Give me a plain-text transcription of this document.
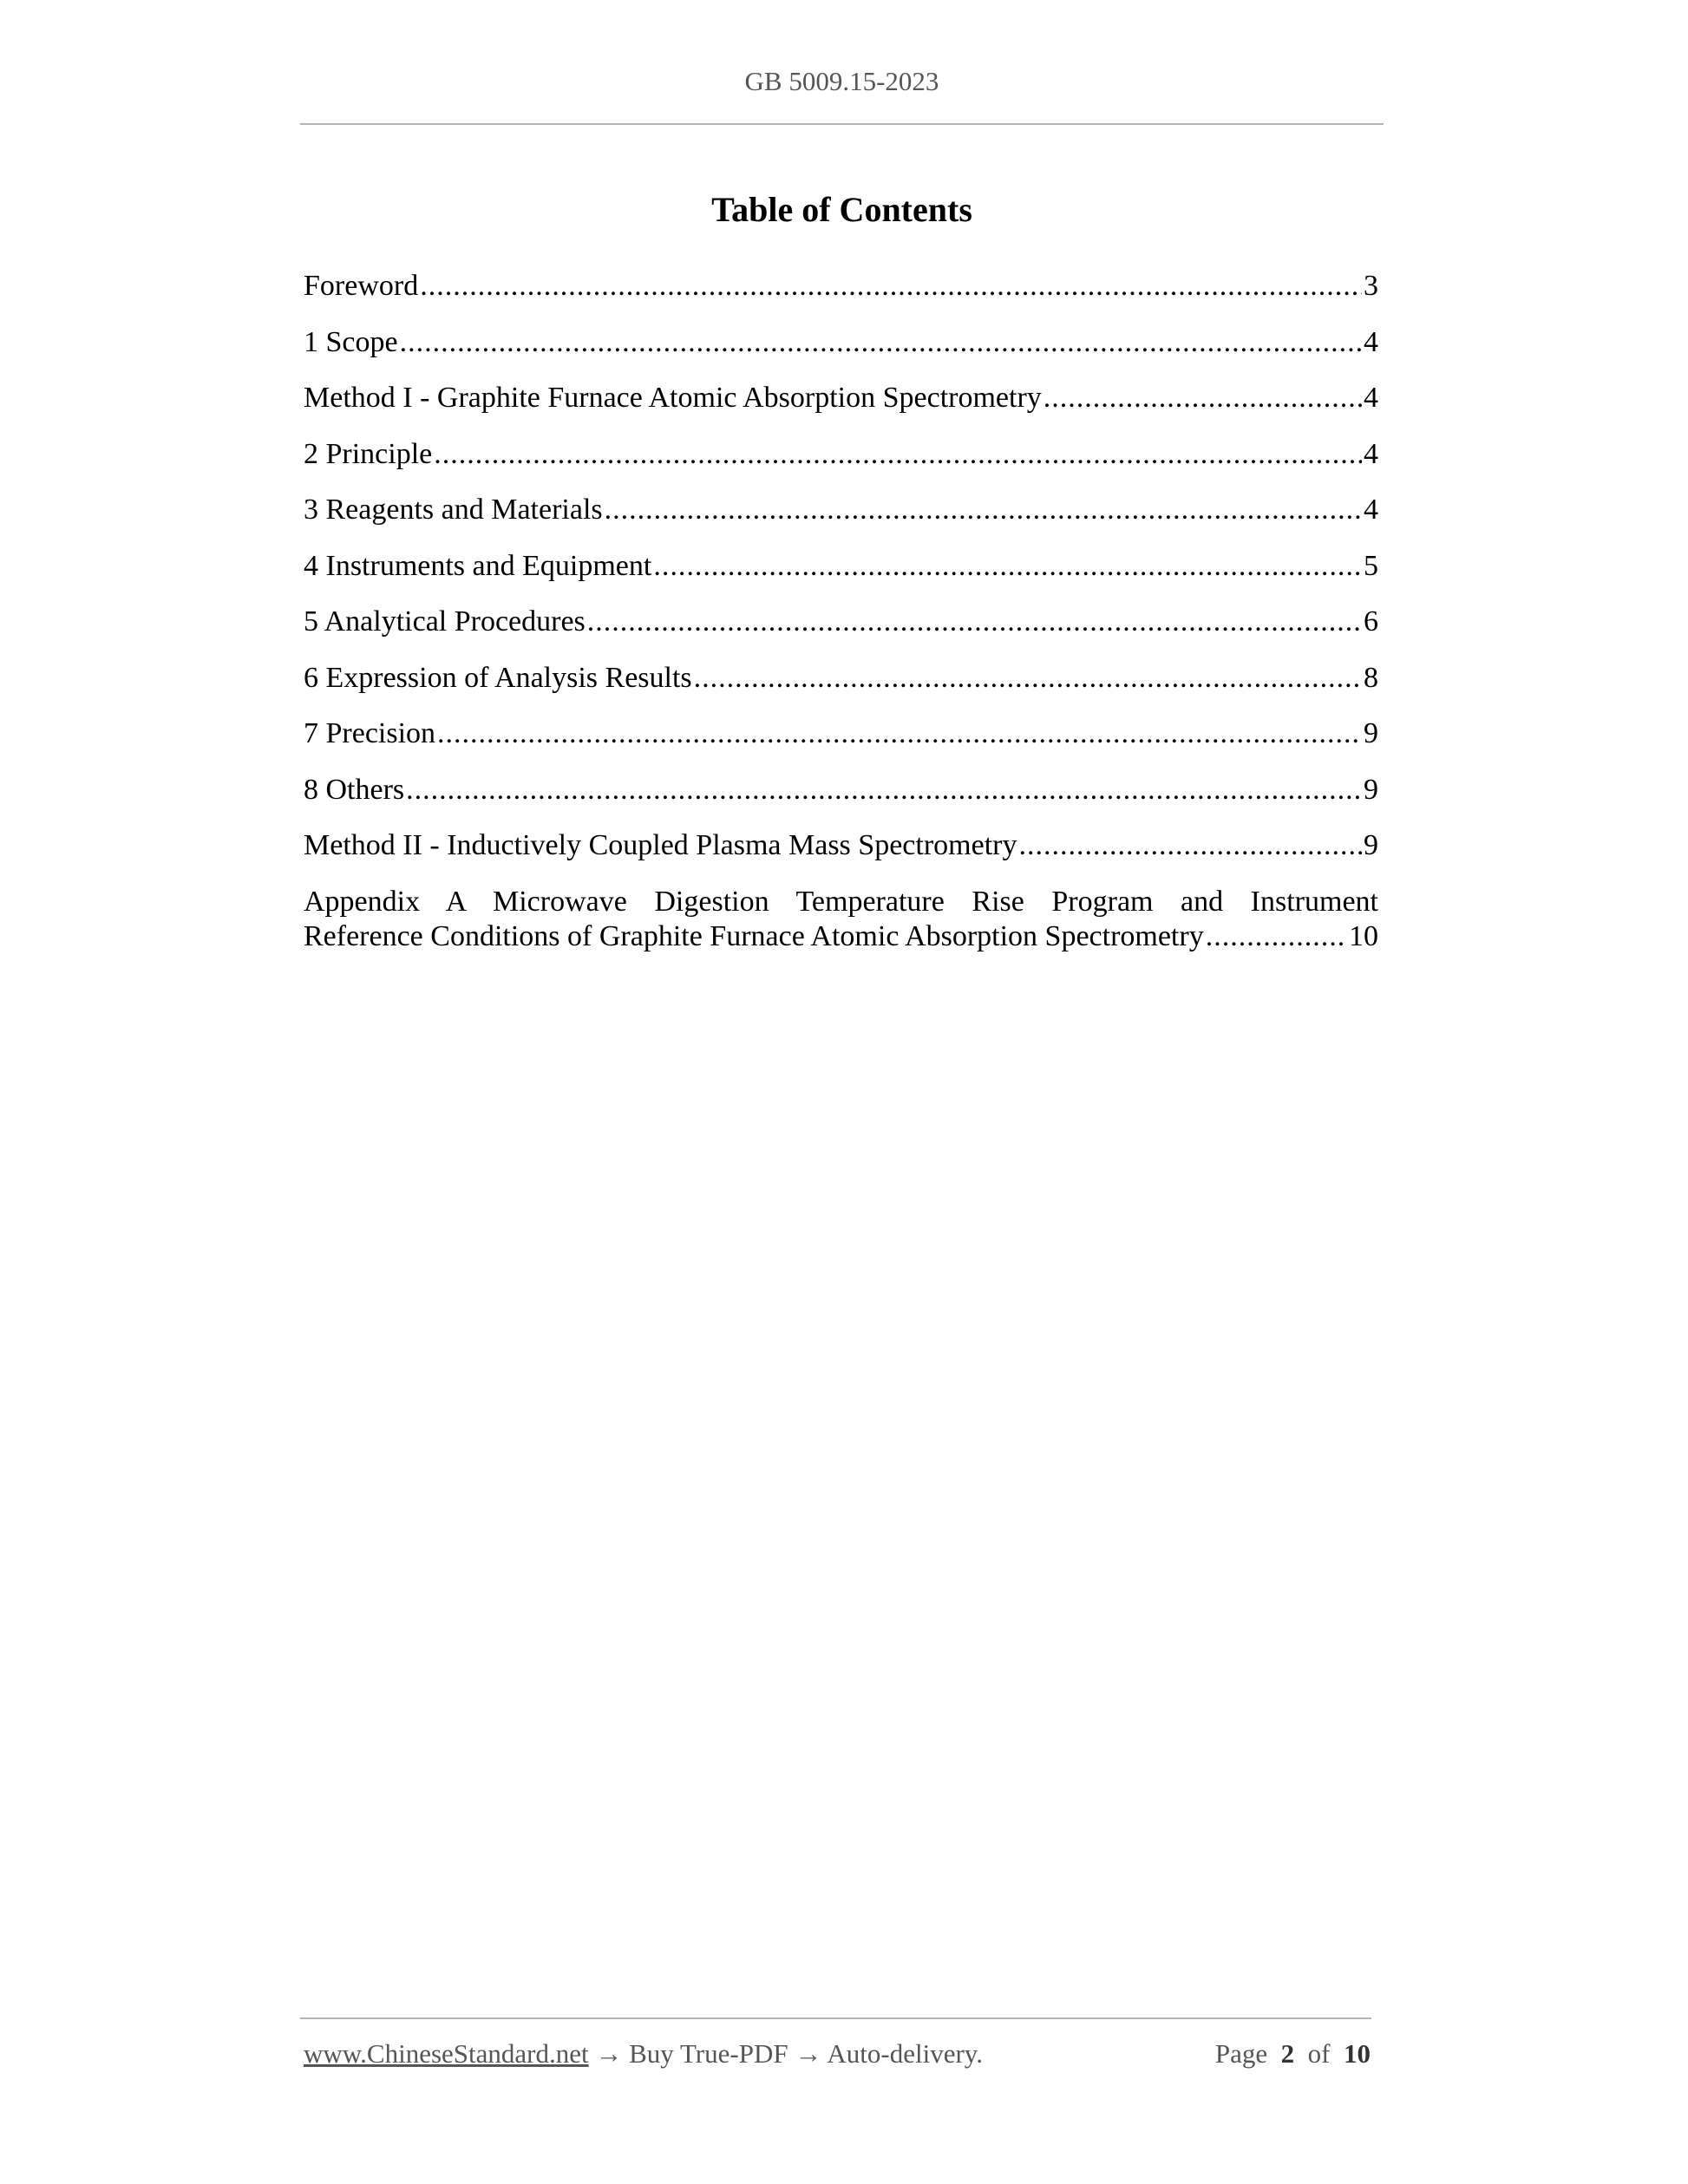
GB 5009.15-2023
Table of Contents
Foreword .....	3
1 Scope .....	4
Method I - Graphite Furnace Atomic Absorption Spectrometry .....	4
2 Principle .....	4
3 Reagents and Materials .....	4
4 Instruments and Equipment .....	5
5 Analytical Procedures .....	6
6 Expression of Analysis Results .....	8
7 Precision .....	9
8 Others .....	9
Method II - Inductively Coupled Plasma Mass Spectrometry .....	9
Appendix A Microwave Digestion Temperature Rise Program and Instrument
Reference Conditions of Graphite Furnace Atomic Absorption Spectrometry .....	10
www.ChineseStandard.net → Buy True-PDF → Auto-delivery.	Page 2 of 10
